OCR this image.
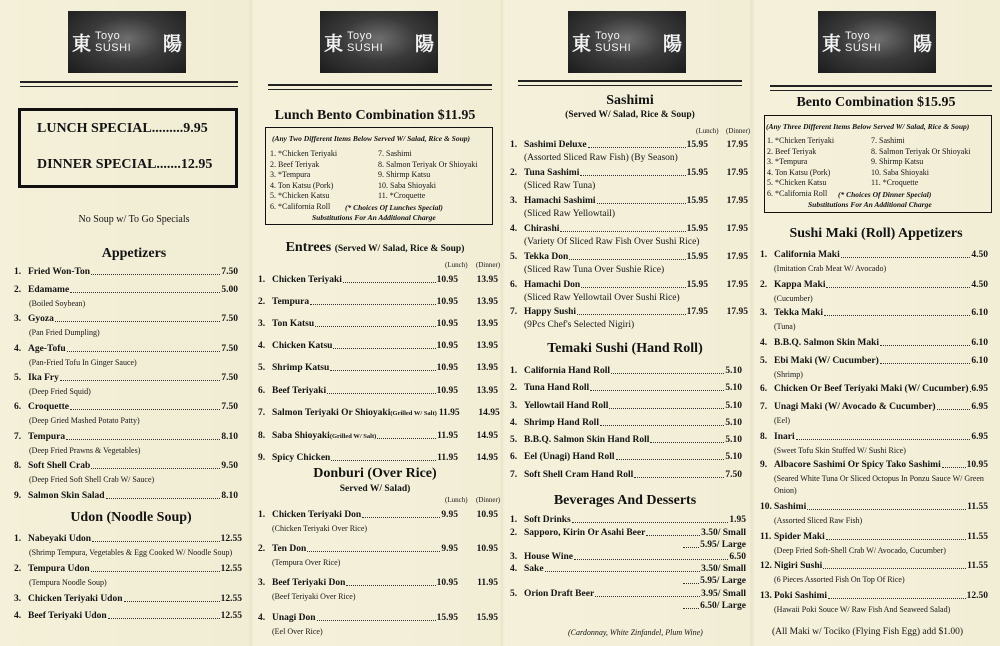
東 Toyo SUSHI	陽
LUNCH SPECIAL.........9.95
DINNER SPECIAL.......12.95
No Soup w/ To Go Specials
Appetizers
1. Fried Won-Ton	7.50
2. Edamame	5.00
(Boiled Soybean)
3. Gyoza	7.50
(Pan Fried Dumpling)
4. Age-Tofu	7.50
(Pan-Fried Tofu In Ginger Sauce)
5. Ika Fry	7.50
(Deep Fried Squid)
6. Croquette	7.50
(Deep Gried Mashed Potato Patty)
7. Tempura	8.10
(Deep Fried Prawns & Vegetables)
8. Soft Shell Crab	9.50
(Deep Fried Soft Shell Crab W/ Sauce)
9. Salmon Skin Salad	8.10
Udon (Noodle Soup)
1. Nabeyaki Udon	12.55
(Shrimp Tempura, Vegetables & Egg Cooked W/ Noodle Soup)
2. Tempura Udon	12.55
(Tempura Noodle Soup)
3. Chicken Teriyaki Udon	12.55
4. Beef Teriyaki Udon	12.55
東 Toyo SUSHI	陽
Lunch Bento Combination $11.95
(Any Two Different Items Below Served W/ Salad, Rice & Soup)
1. *Chicken Teriyaki
2. Beef Teriyak
3. *Tempura
4. Ton Katsu (Pork)
5. *Chicken Katsu
6. *California Roll
7. Sashimi
8. Salmon Teriyak Or Shioyaki
9. Shirmp Katsu
10. Saba Shioyaki
11. *Croquette
(* Choices Of Lunches Special)
Substitutions For An Additional Charge
Entrees (Served W/ Salad, Rice & Soup)
(Lunch) (Dinner)
1. Chicken Teriyaki	10.95	13.95
2. Tempura	10.95	13.95
3. Ton Katsu	10.95	13.95
4. Chicken Katsu	10.95	13.95
5. Shrimp Katsu	10.95	13.95
6. Beef Teriyaki	10.95	13.95
7. Salmon Teriyaki Or Shioyaki (Grilled W/ Salt) 11.95	14.95
8. Saba Shioyaki (Grilled W/ Salt)	11.95	14.95
9. Spicy Chicken	11.95	14.95
Donburi (Over Rice)
Served W/ Salad)
(Lunch) (Dinner)
1. Chicken Teriyaki Don	9.95	10.95
(Chicken Teriyaki Over Rice)
2. Ten Don	9.95	10.95
(Tempura Over Rice)
3. Beef Teriyaki Don	10.95	11.95
(Beef Teriyaki Over Rice)
4. Unagi Don	15.95	15.95
(Eel Over Rice)
東 Toyo SUSHI	陽
Sashimi
(Served W/ Salad, Rice & Soup)
(Lunch) (Dinner)
1. Sashimi Deluxe	15.95	17.95
(Assorted Sliced Raw Fish) (By Season)
2. Tuna Sashimi	15.95	17.95
(Sliced Raw Tuna)
3. Hamachi Sashimi	15.95	17.95
(Sliced Raw Yellowtail)
4. Chirashi	15.95	17.95
(Variety Of Sliced Raw Fish Over Sushi Rice)
5. Tekka Don	15.95	17.95
(Sliced Raw Tuna Over Sushie Rice)
6. Hamachi Don	15.95	17.95
(Sliced Raw Yellowtail Over Sushi Rice)
7. Happy Sushi	17.95	17.95
(9Pcs Chef's Selected Nigiri)
Temaki Sushi (Hand Roll)
1. California Hand Roll	5.10
2. Tuna Hand Roll	5.10
3. Yellowtail Hand Roll	5.10
4. Shrimp Hand Roll	5.10
5. B.B.Q. Salmon Skin Hand Roll	5.10
6. Eel (Unagi) Hand Roll	5.10
7. Soft Shell Cram Hand Roll	7.50
Beverages And Desserts
1. Soft Drinks	1.95
2. Sapporo, Kirin Or Asahi Beer	3.50 / Small
5.95 / Large
3. House Wine	6.50
4. Sake	3.50 / Small
5.95 / Large
5. Orion Draft Beer	3.95 / Small
6.50 / Large
(Cardonnay, White Zinfandel, Plum Wine)
東 Toyo SUSHI	陽
Bento Combination $15.95
(Any Three Different Items Below Served W/ Salad, Rice & Soup)
1. *Chicken Teriyaki
2. Beef Teriyak
3. *Tempura
4. Ton Katsu (Pork)
5. *Chicken Katsu
6. *California Roll
7. Sashimi
8. Salmon Teriyak Or Shioyaki
9. Shirmp Katsu
10. Saba Shioyaki
11. *Croquette
(* Choices Of Dinner Special)
Substitutions For An Additional Charge
Sushi Maki (Roll) Appetizers
1. California Maki	4.50
(Imitation Crab Meat W/ Avocado)
2. Kappa Maki	4.50
(Cucumber)
3. Tekka Maki	6.10
(Tuna)
4. B.B.Q. Salmon Skin Maki	6.10
5. Ebi Maki (W/ Cucumber)	6.10
(Shrimp)
6. Chicken Or Beef Teriyaki Maki (W/ Cucumber) 6.95
7. Unagi Maki (W/ Avocado & Cucumber)	6.95
(Eel)
8. Inari	6.95
(Sweet Tofu Skin Stuffed W/ Sushi Rice)
9. Albacore Sashimi Or Spicy Tako Sashimi	10.95
(Seared White Tuna Or Sliced Octopus In Ponzu Sauce W/ Green
Onion)
10. Sashimi	11.55
(Assorted Sliced Raw Fish)
11. Spider Maki	11.55
(Deep Fried Soft-Shell Crab W/ Avocado, Cucumber)
12. Nigiri Sushi	11.55
(6 Pieces Assorted Fish On Top Of Rice)
13. Poki Sashimi	12.50
(Hawaii Poki Souce W/ Raw Fish And Seaweed Salad)
(All Maki w/ Tociko (Flying Fish Egg) add $1.00)
